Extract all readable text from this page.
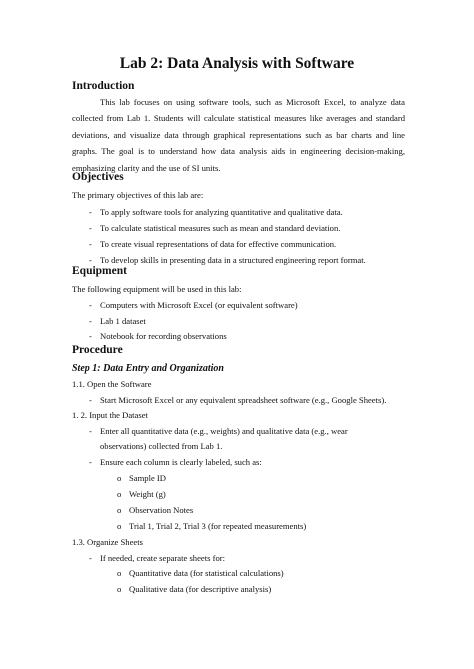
Lab 2: Data Analysis with Software
Introduction
This lab focuses on using software tools, such as Microsoft Excel, to analyze data collected from Lab 1. Students will calculate statistical measures like averages and standard deviations, and visualize data through graphical representations such as bar charts and line graphs. The goal is to understand how data analysis aids in engineering decision-making, emphasizing clarity and the use of SI units.
Objectives
The primary objectives of this lab are:
- To apply software tools for analyzing quantitative and qualitative data.
- To calculate statistical measures such as mean and standard deviation.
- To create visual representations of data for effective communication.
- To develop skills in presenting data in a structured engineering report format.
Equipment
The following equipment will be used in this lab:
- Computers with Microsoft Excel (or equivalent software)
- Lab 1 dataset
- Notebook for recording observations
Procedure
Step 1: Data Entry and Organization
1.1. Open the Software
- Start Microsoft Excel or any equivalent spreadsheet software (e.g., Google Sheets).
1. 2. Input the Dataset
- Enter all quantitative data (e.g., weights) and qualitative data (e.g., wear
observations) collected from Lab 1.
- Ensure each column is clearly labeled, such as:
o Sample ID
o Weight (g)
o Observation Notes
o Trial 1, Trial 2, Trial 3 (for repeated measurements)
1.3. Organize Sheets
- If needed, create separate sheets for:
o Quantitative data (for statistical calculations)
o Qualitative data (for descriptive analysis)
